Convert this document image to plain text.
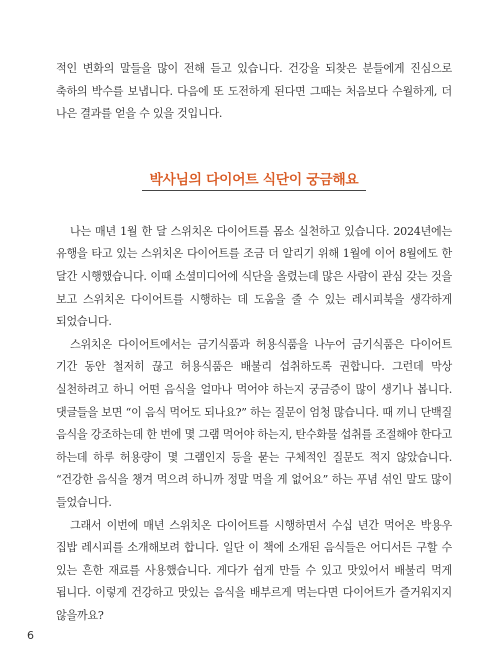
적인 변화의 말들을 많이 전해 듣고 있습니다. 건강을 되찾은 분들에게 진심으로 축하의 박수를 보냅니다. 다음에 또 도전하게 된다면 그때는 처음보다 수월하게, 더 나은 결과를 얻을 수 있을 것입니다.

박사님의 다이어트 식단이 궁금해요

나는 매년 1월 한 달 스위치온 다이어트를 몸소 실천하고 있습니다. 2024년에는 유행을 타고 있는 스위치온 다이어트를 조금 더 알리기 위해 1월에 이어 8월에도 한 달간 시행했습니다. 이때 소셜미디어에 식단을 올렸는데 많은 사람이 관심 갖는 것을 보고 스위치온 다이어트를 시행하는 데 도움을 줄 수 있는 레시피북을 생각하게 되었습니다.

스위치온 다이어트에서는 금기식품과 허용식품을 나누어 금기식품은 다이어트 기간 동안 철저히 끊고 허용식품은 배불리 섭취하도록 권합니다. 그런데 막상 실천하려고 하니 어떤 음식을 얼마나 먹어야 하는지 궁금증이 많이 생기나 봅니다. 댓글들을 보면 “이 음식 먹어도 되나요?” 하는 질문이 엄청 많습니다. 때 끼니 단백질 음식을 강조하는데 한 번에 몇 그램 먹어야 하는지, 탄수화물 섭취를 조절해야 한다고 하는데 하루 허용량이 몇 그램인지 등을 묻는 구체적인 질문도 적지 않았습니다. “건강한 음식을 챙겨 먹으려 하니까 정말 먹을 게 없어요” 하는 푸념 섞인 말도 많이 들었습니다.

그래서 이번에 매년 스위치온 다이어트를 시행하면서 수십 년간 먹어온 박용우 집밥 레시피를 소개해보려 합니다. 일단 이 책에 소개된 음식들은 어디서든 구할 수 있는 흔한 재료를 사용했습니다. 게다가 쉽게 만들 수 있고 맛있어서 배불리 먹게 됩니다. 이렇게 건강하고 맛있는 음식을 배부르게 먹는다면 다이어트가 즐거워지지 않을까요?

6
